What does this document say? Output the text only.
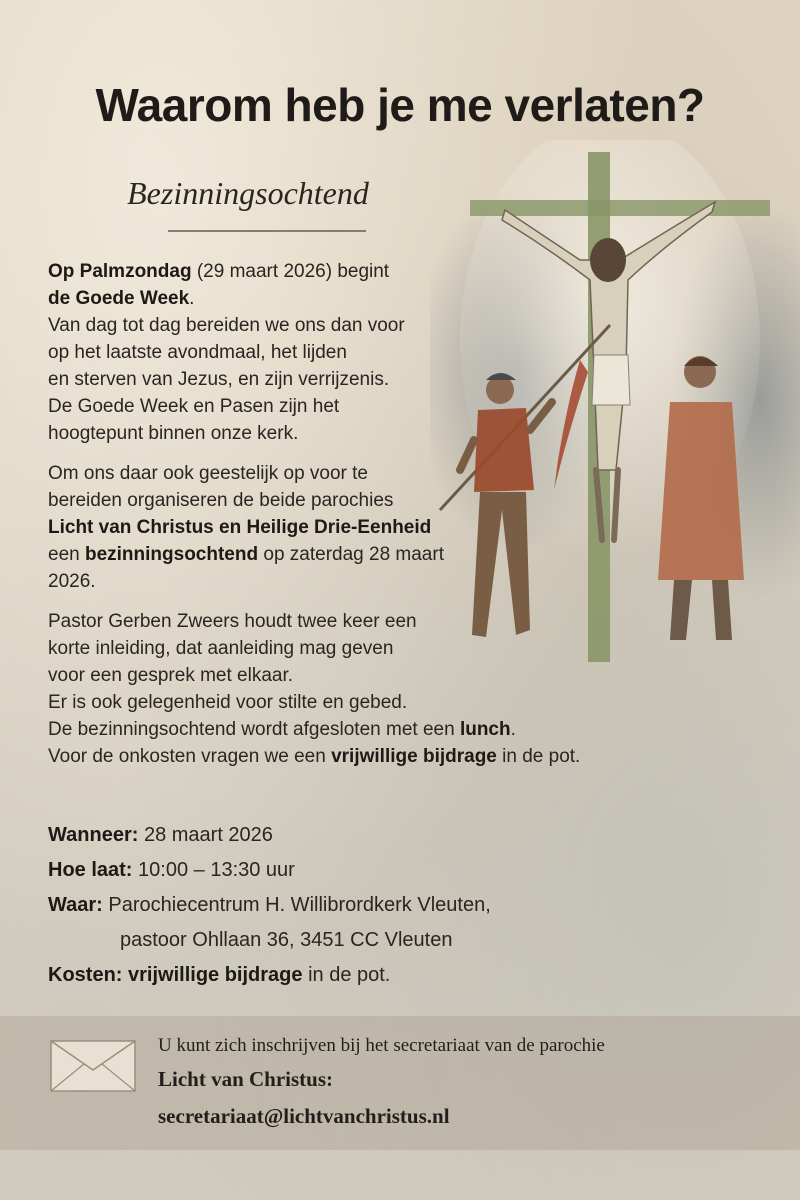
Waarom heb je me verlaten?
Bezinningsochtend

Op Palmzondag (29 maart 2026) begint
de Goede Week.
Van dag tot dag bereiden we ons dan voor
op het laatste avondmaal, het lijden
en sterven van Jezus, en zijn verrijzenis.
De Goede Week en Pasen zijn het
hoogtepunt binnen onze kerk.

Om ons daar ook geestelijk op voor te
bereiden organiseren de beide parochies
Licht van Christus en Heilige Drie-Eenheid
een bezinningsochtend op zaterdag 28 maart
2026.

Pastor Gerben Zweers houdt twee keer een
korte inleiding, dat aanleiding mag geven
voor een gesprek met elkaar.
Er is ook gelegenheid voor stilte en gebed.
De bezinningsochtend wordt afgesloten met een lunch.
Voor de onkosten vragen we een vrijwillige bijdrage in de pot.

Wanneer: 28 maart 2026
Hoe laat: 10:00 – 13:30 uur
Waar: Parochiecentrum H. Willibrordkerk Vleuten,
pastoor Ohllaan 36, 3451 CC Vleuten
Kosten: vrijwillige bijdrage in de pot.
U kunt zich inschrijven bij het secretariaat van de parochie
Licht van Christus:
secretariaat@lichtvanchristus.nl
